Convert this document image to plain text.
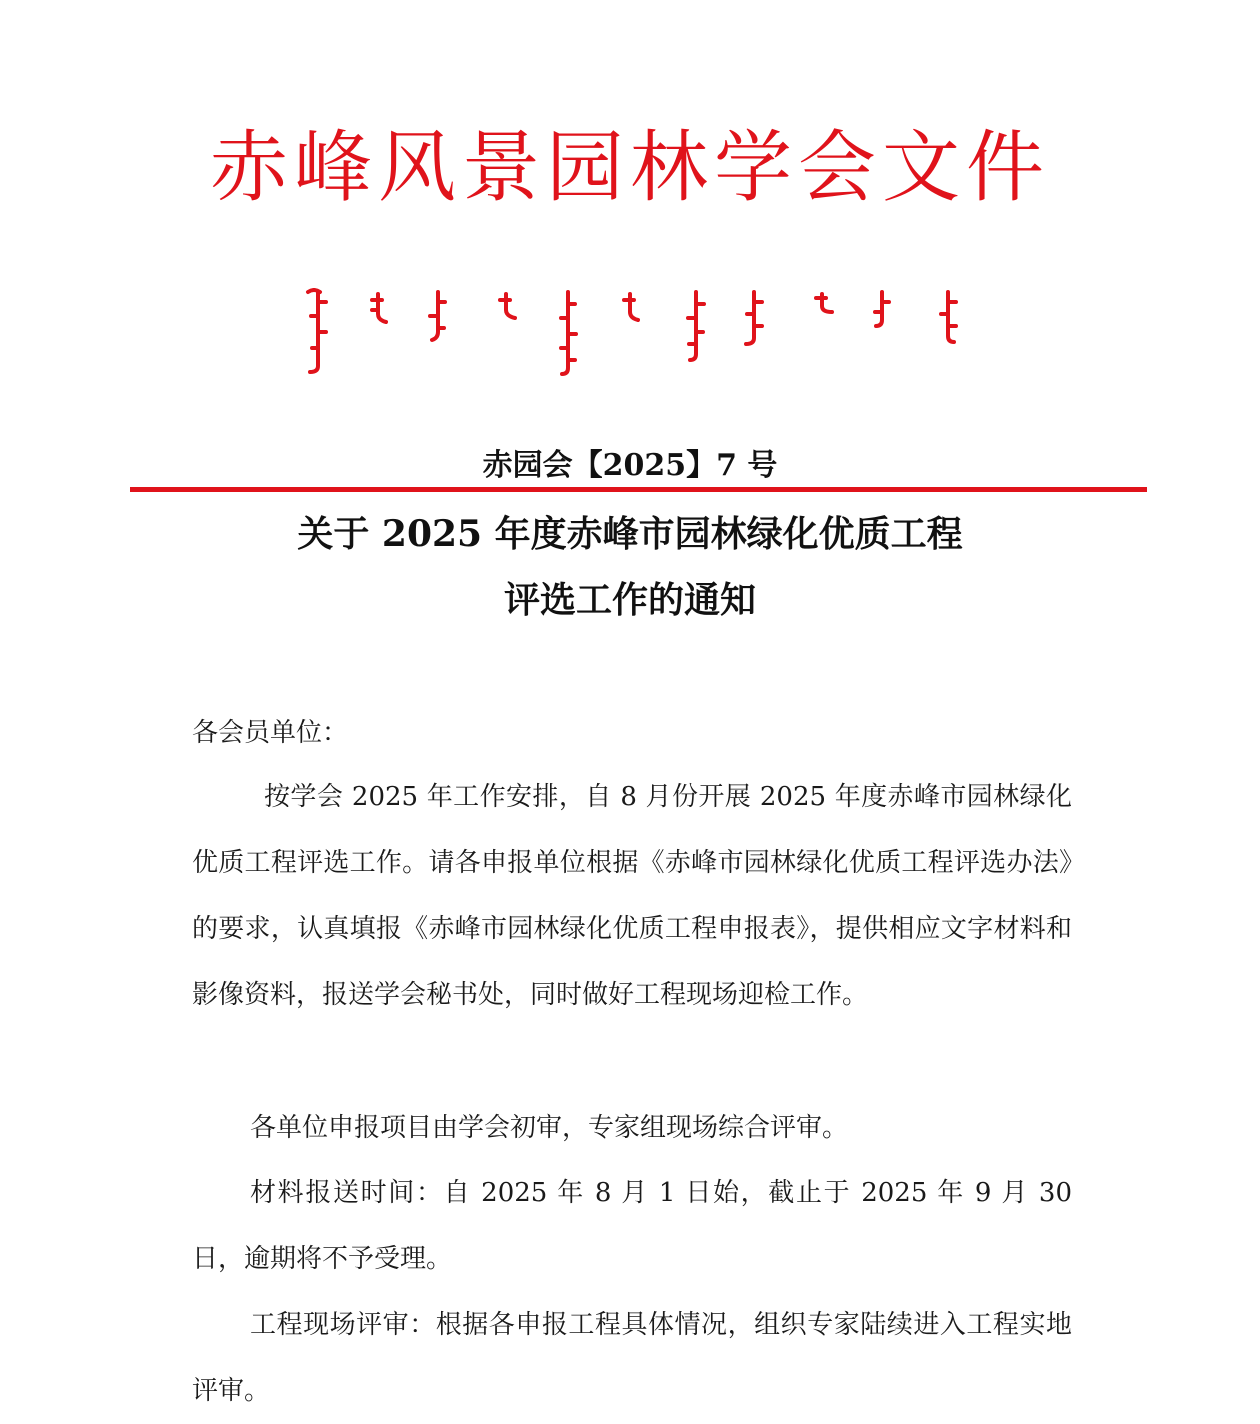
赤峰风景园林学会文件
赤园会【2025】7 号
关于 2025 年度赤峰市园林绿化优质工程
评选工作的通知
各会员单位：
按学会 2025 年工作安排，自 8 月份开展 2025 年度赤峰市园林绿化优质工程评选工作。请各申报单位根据《赤峰市园林绿化优质工程评选办法》的要求，认真填报《赤峰市园林绿化优质工程申报表》，提供相应文字材料和影像资料，报送学会秘书处，同时做好工程现场迎检工作。
各单位申报项目由学会初审，专家组现场综合评审。
材料报送时间：自 2025 年 8 月 1 日始，截止于 2025 年 9 月 30 日，逾期将不予受理。
工程现场评审：根据各申报工程具体情况，组织专家陆续进入工程实地评审。
